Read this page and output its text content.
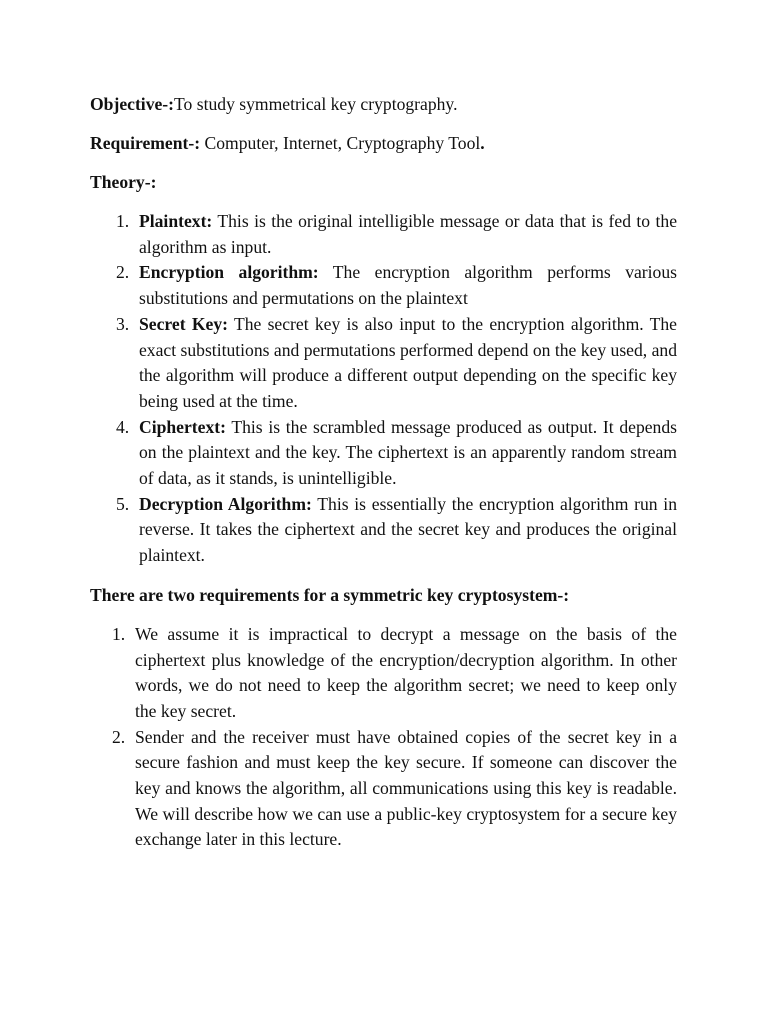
Objective-:To study symmetrical key cryptography.

Requirement-: Computer, Internet, Cryptography Tool.

Theory-:

1. Plaintext: This is the original intelligible message or data that is fed to the algorithm as input.
2. Encryption algorithm: The encryption algorithm performs various substitutions and permutations on the plaintext
3. Secret Key: The secret key is also input to the encryption algorithm. The exact substitutions and permutations performed depend on the key used, and the algorithm will produce a different output depending on the specific key being used at the time.
4. Ciphertext: This is the scrambled message produced as output. It depends on the plaintext and the key. The ciphertext is an apparently random stream of data, as it stands, is unintelligible.
5. Decryption Algorithm: This is essentially the encryption algorithm run in reverse. It takes the ciphertext and the secret key and produces the original plaintext.

There are two requirements for a symmetric key cryptosystem-:

1. We assume it is impractical to decrypt a message on the basis of the ciphertext plus knowledge of the encryption/decryption algorithm. In other words, we do not need to keep the algorithm secret; we need to keep only the key secret.
2. Sender and the receiver must have obtained copies of the secret key in a secure fashion and must keep the key secure. If someone can discover the key and knows the algorithm, all communications using this key is readable. We will describe how we can use a public-key cryptosystem for a secure key exchange later in this lecture.
